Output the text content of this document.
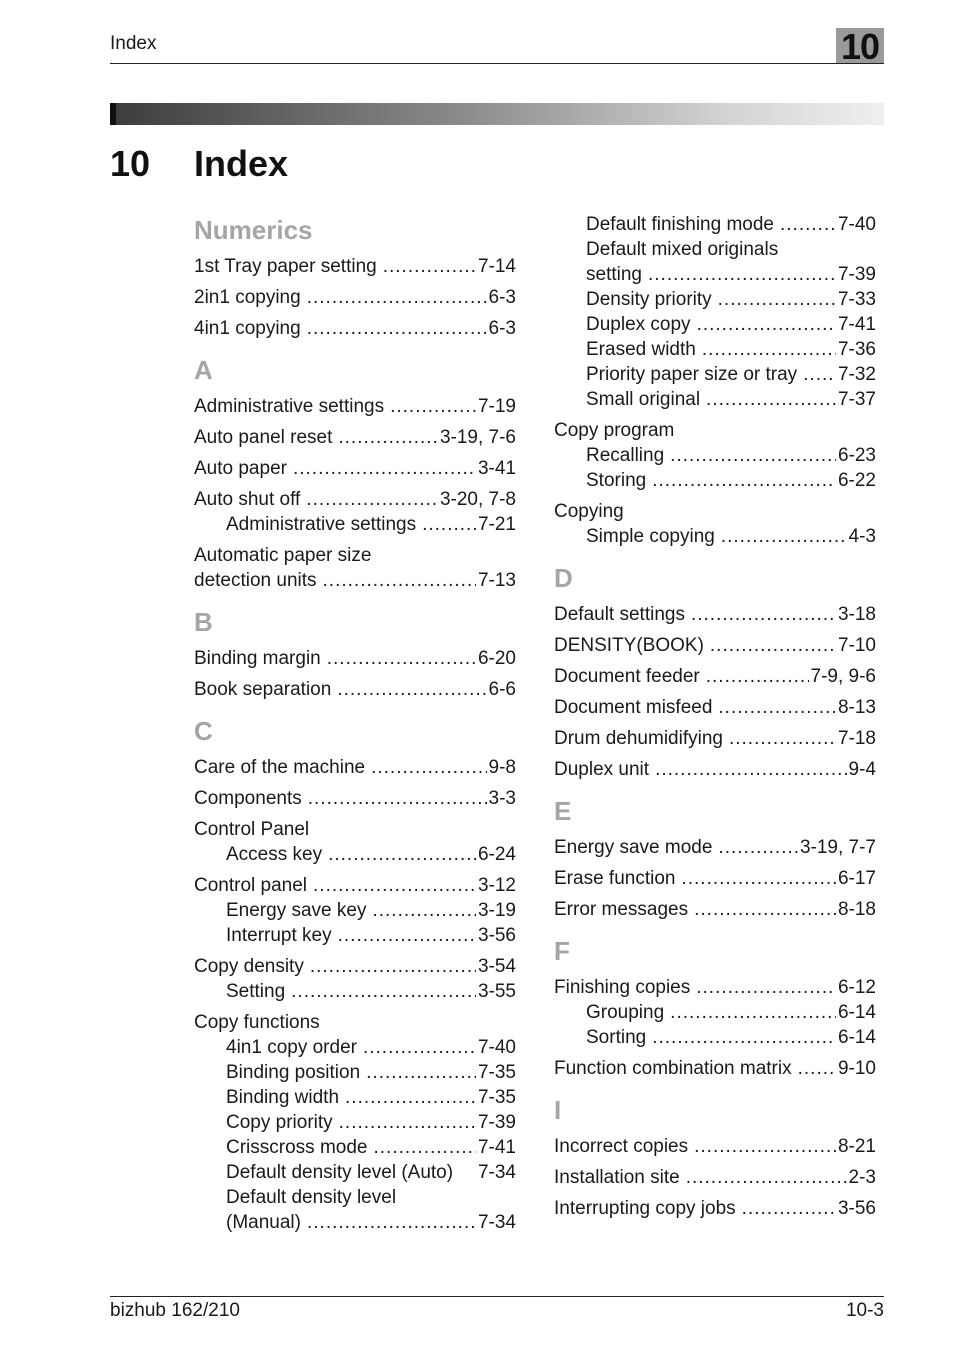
Index	10
10 Index
Numerics
1st Tray paper setting .....	7-14
2in1 copying .....	6-3
4in1 copying .....	6-3
A
Administrative settings .....	7-19
Auto panel reset .....	3-19, 7-6
Auto paper .....	3-41
Auto shut off .....	3-20, 7-8
Administrative settings .....	7-21
Automatic paper size
detection units .....	7-13
B
Binding margin .....	6-20
Book separation .....	6-6
C
Care of the machine .....	9-8
Components .....	3-3
Control Panel
Access key .....	6-24
Control panel .....	3-12
Energy save key .....	3-19
Interrupt key .....	3-56
Copy density .....	3-54
Setting .....	3-55
Copy functions
4in1 copy order .....	7-40
Binding position .....	7-35
Binding width .....	7-35
Copy priority .....	7-39
Crisscross mode .....	7-41
Default density level (Auto)	7-34
Default density level
(Manual) .....	7-34
Default finishing mode .....	7-40
Default mixed originals
setting .....	7-39
Density priority .....	7-33
Duplex copy .....	7-41
Erased width .....	7-36
Priority paper size or tray .....	7-32
Small original .....	7-37
Copy program
Recalling .....	6-23
Storing .....	6-22
Copying
Simple copying .....	4-3
D
Default settings .....	3-18
DENSITY(BOOK) .....	7-10
Document feeder .....	7-9, 9-6
Document misfeed .....	8-13
Drum dehumidifying .....	7-18
Duplex unit .....	9-4
E
Energy save mode .....	3-19, 7-7
Erase function .....	6-17
Error messages .....	8-18
F
Finishing copies .....	6-12
Grouping .....	6-14
Sorting .....	6-14
Function combination matrix .....	9-10
I
Incorrect copies .....	8-21
Installation site .....	2-3
Interrupting copy jobs .....	3-56
bizhub 162/210	10-3
